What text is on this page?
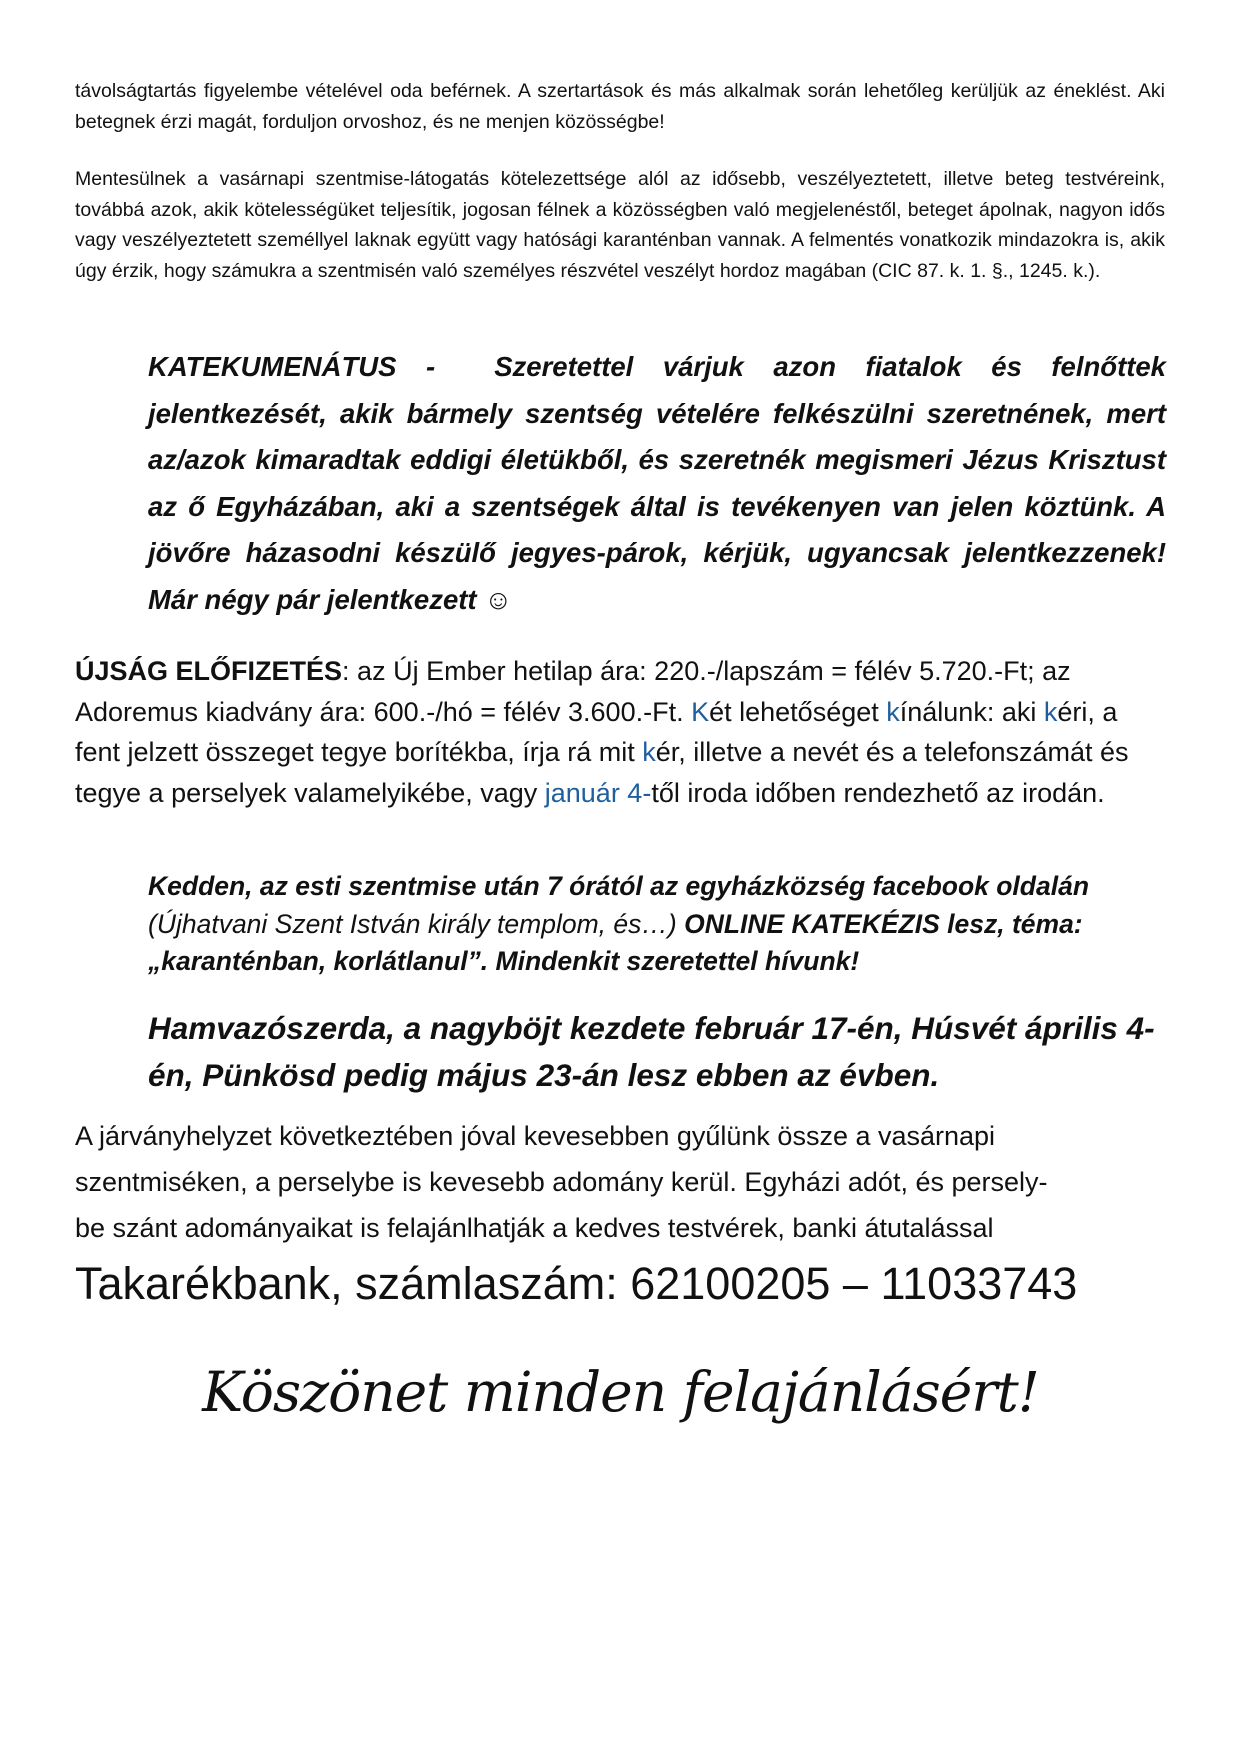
távolságtartás figyelembe vételével oda beférnek. A szertartások és más alkalmak során lehetőleg kerüljük az éneklést. Aki betegnek érzi magát, forduljon orvoshoz, és ne menjen közösségbe!
Mentesülnek a vasárnapi szentmise-látogatás kötelezettsége alól az idősebb, veszélyeztetett, illetve beteg testvéreink, továbbá azok, akik kötelességüket teljesítik, jogosan félnek a közösségben való megjelenéstől, beteget ápolnak, nagyon idős vagy veszélyeztetett személlyel laknak együtt vagy hatósági karanténban vannak. A felmentés vonatkozik mindazokra is, akik úgy érzik, hogy számukra a szentmisén való személyes részvétel veszélyt hordoz magában (CIC 87. k. 1. §., 1245. k.).
KATEKUMENÁTUS -  Szeretettel várjuk azon fiatalok és felnőttek jelentkezését, akik bármely szentség vételére felkészülni szeretnének, mert az/azok kimaradtak eddigi életükből, és szeretnék megismeri Jézus Krisztust az ő Egyházában, aki a szentségek által is tevékenyen van jelen köztünk. A jövőre házasodni készülő jegyes-párok, kérjük, ugyancsak jelentkezzenek! Már négy pár jelentkezett ☺
ÚJSÁG ELŐFIZETÉS: az Új Ember hetilap ára: 220.-/lapszám = félév 5.720.-Ft; az Adoremus kiadvány ára: 600.-/hó = félév 3.600.-Ft. Két lehetőséget kínálunk: aki kéri, a fent jelzett összeget tegye borítékba, írja rá mit kér, illetve a nevét és a telefonszámát és tegye a perselyek valamelyikébe, vagy január 4-től iroda időben rendezhető az irodán.
Kedden, az esti szentmise után 7 órától az egyházközség facebook oldalán (Újhatvani Szent István király templom, és…) ONLINE KATEKÉZIS lesz, téma: „karanténban, korlátlanul”. Mindenkit szeretettel hívunk!
Hamvazószerda, a nagyböjt kezdete február 17-én, Húsvét április 4-én, Pünkösd pedig május 23-án lesz ebben az évben.
A járványhelyzet következtében jóval kevesebben gyűlünk össze a vasárnapi
szentmiséken, a perselybe is kevesebb adomány kerül. Egyházi adót, és persely-
be szánt adományaikat is felajánlhatják a kedves testvérek, banki átutalással
Takarékbank, számlaszám: 62100205 – 11033743
Köszönet minden felajánlásért!
